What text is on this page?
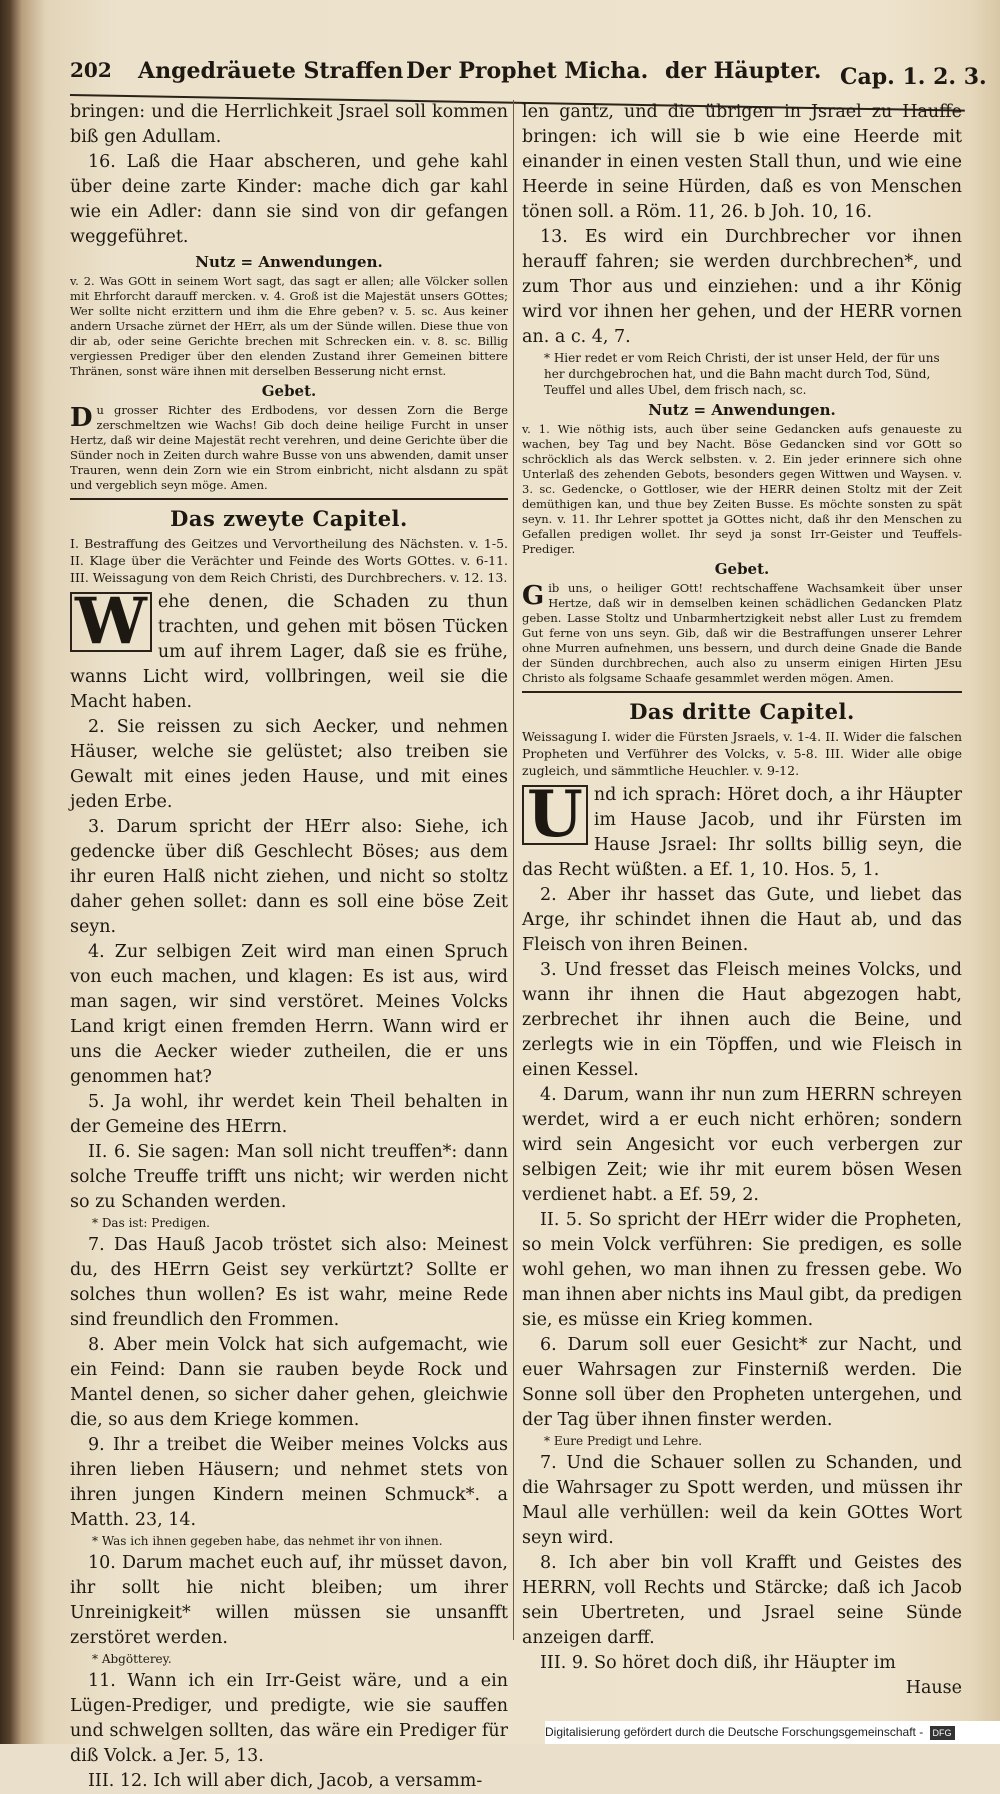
202 Angedräuete Straffen Der Prophet Micha. der Häupter. Cap. 1. 2. 3.

bringen: und die Herrlichkeit Jsrael soll kommen biß gen Adullam.

16. Laß die Haar abscheren, und gehe kahl über deine zarte Kinder: mache dich gar kahl wie ein Adler: dann sie sind von dir gefangen weggeführet.

Nutz = Anwendungen.

v. 2. Was GOtt in seinem Wort sagt, das sagt er allen; alle Völcker sollen mit Ehrforcht darauff mercken. v. 4. Groß ist die Majestät unsers GOttes; Wer sollte nicht erzittern und ihm die Ehre geben? v. 5. sc. Aus keiner andern Ursache zürnet der HErr, als um der Sünde willen. Diese thue von dir ab, oder seine Gerichte brechen mit Schrecken ein. v. 8. sc. Billig vergiessen Prediger über den elenden Zustand ihrer Gemeinen bittere Thränen, sonst wäre ihnen mit derselben Besserung nicht ernst.

Gebet.

D u grosser Richter des Erdbodens, vor dessen Zorn die Berge zerschmeltzen wie Wachs! Gib doch deine heilige Furcht in unser Hertz, daß wir deine Majestät recht verehren, und deine Gerichte über die Sünder noch in Zeiten durch wahre Busse von uns abwenden, damit unser Trauren, wenn dein Zorn wie ein Strom einbricht, nicht alsdann zu spät und vergeblich seyn möge. Amen.

Das zweyte Capitel.

I. Bestraffung des Geitzes und Vervortheilung des Nächsten. v. 1-5. II. Klage über die Verächter und Feinde des Worts GOttes. v. 6-11. III. Weissagung von dem Reich Christi, des Durchbrechers. v. 12. 13.

W ehe denen, die Schaden zu thun trachten, und gehen mit bösen Tücken um auf ihrem Lager, daß sie es frühe, wanns Licht wird, vollbringen, weil sie die Macht haben.

2. Sie reissen zu sich Aecker, und nehmen Häuser, welche sie gelüstet; also treiben sie Gewalt mit eines jeden Hause, und mit eines jeden Erbe.

3. Darum spricht der HErr also: Siehe, ich gedencke über diß Geschlecht Böses; aus dem ihr euren Halß nicht ziehen, und nicht so stoltz daher gehen sollet: dann es soll eine böse Zeit seyn.

4. Zur selbigen Zeit wird man einen Spruch von euch machen, und klagen: Es ist aus, wird man sagen, wir sind verstöret. Meines Volcks Land krigt einen fremden Herrn. Wann wird er uns die Aecker wieder zutheilen, die er uns genommen hat?

5. Ja wohl, ihr werdet kein Theil behalten in der Gemeine des HErrn.

II. 6. Sie sagen: Man soll nicht treuffen*: dann solche Treuffe trifft uns nicht; wir werden nicht so zu Schanden werden.

* Das ist: Predigen.

7. Das Hauß Jacob tröstet sich also: Meinest du, des HErrn Geist sey verkürtzt? Sollte er solches thun wollen? Es ist wahr, meine Rede sind freundlich den Frommen.

8. Aber mein Volck hat sich aufgemacht, wie ein Feind: Dann sie rauben beyde Rock und Mantel denen, so sicher daher gehen, gleichwie die, so aus dem Kriege kommen.

9. Ihr a treibet die Weiber meines Volcks aus ihren lieben Häusern; und nehmet stets von ihren jungen Kindern meinen Schmuck*. a Matth. 23, 14.

* Was ich ihnen gegeben habe, das nehmet ihr von ihnen.

10. Darum machet euch auf, ihr müsset davon, ihr sollt hie nicht bleiben; um ihrer Unreinigkeit* willen müssen sie unsanfft zerstöret werden.

* Abgötterey.

11. Wann ich ein Irr-Geist wäre, und a ein Lügen-Prediger, und predigte, wie sie sauffen und schwelgen sollten, das wäre ein Prediger für diß Volck. a Jer. 5, 13.

III. 12. Ich will aber dich, Jacob, a versamm-

len gantz, und die übrigen in Jsrael zu Hauffe bringen: ich will sie b wie eine Heerde mit einander in einen vesten Stall thun, und wie eine Heerde in seine Hürden, daß es von Menschen tönen soll. a Röm. 11, 26. b Joh. 10, 16.

13. Es wird ein Durchbrecher vor ihnen herauff fahren; sie werden durchbrechen*, und zum Thor aus und einziehen: und a ihr König wird vor ihnen her gehen, und der HERR vornen an. a c. 4, 7.

* Hier redet er vom Reich Christi, der ist unser Held, der für uns her durchgebrochen hat, und die Bahn macht durch Tod, Sünd, Teuffel und alles Ubel, dem frisch nach, sc.

Nutz = Anwendungen.

v. 1. Wie nöthig ists, auch über seine Gedancken aufs genaueste zu wachen, bey Tag und bey Nacht. Böse Gedancken sind vor GOtt so schröcklich als das Werck selbsten. v. 2. Ein jeder erinnere sich ohne Unterlaß des zehenden Gebots, besonders gegen Wittwen und Waysen. v. 3. sc. Gedencke, o Gottloser, wie der HERR deinen Stoltz mit der Zeit demüthigen kan, und thue bey Zeiten Busse. Es möchte sonsten zu spät seyn. v. 11. Ihr Lehrer spottet ja GOttes nicht, daß ihr den Menschen zu Gefallen predigen wollet. Ihr seyd ja sonst Irr-Geister und Teuffels-Prediger.

Gebet.

G ib uns, o heiliger GOtt! rechtschaffene Wachsamkeit über unser Hertze, daß wir in demselben keinen schädlichen Gedancken Platz geben. Lasse Stoltz und Unbarmhertzigkeit nebst aller Lust zu fremdem Gut ferne von uns seyn. Gib, daß wir die Bestraffungen unserer Lehrer ohne Murren aufnehmen, uns bessern, und durch deine Gnade die Bande der Sünden durchbrechen, auch also zu unserm einigen Hirten JEsu Christo als folgsame Schaafe gesammlet werden mögen. Amen.

Das dritte Capitel.

Weissagung I. wider die Fürsten Jsraels, v. 1-4. II. Wider die falschen Propheten und Verführer des Volcks, v. 5-8. III. Wider alle obige zugleich, und sämmtliche Heuchler. v. 9-12.

U nd ich sprach: Höret doch, a ihr Häupter im Hause Jacob, und ihr Fürsten im Hause Jsrael: Ihr sollts billig seyn, die das Recht wüßten. a Ef. 1, 10. Hos. 5, 1.

2. Aber ihr hasset das Gute, und liebet das Arge, ihr schindet ihnen die Haut ab, und das Fleisch von ihren Beinen.

3. Und fresset das Fleisch meines Volcks, und wann ihr ihnen die Haut abgezogen habt, zerbrechet ihr ihnen auch die Beine, und zerlegts wie in ein Töpffen, und wie Fleisch in einen Kessel.

4. Darum, wann ihr nun zum HERRN schreyen werdet, wird a er euch nicht erhören; sondern wird sein Angesicht vor euch verbergen zur selbigen Zeit; wie ihr mit eurem bösen Wesen verdienet habt. a Ef. 59, 2.

II. 5. So spricht der HErr wider die Propheten, so mein Volck verführen: Sie predigen, es solle wohl gehen, wo man ihnen zu fressen gebe. Wo man ihnen aber nichts ins Maul gibt, da predigen sie, es müsse ein Krieg kommen.

6. Darum soll euer Gesicht* zur Nacht, und euer Wahrsagen zur Finsterniß werden. Die Sonne soll über den Propheten untergehen, und der Tag über ihnen finster werden.

* Eure Predigt und Lehre.

7. Und die Schauer sollen zu Schanden, und die Wahrsager zu Spott werden, und müssen ihr Maul alle verhüllen: weil da kein GOttes Wort seyn wird.

8. Ich aber bin voll Krafft und Geistes des HERRN, voll Rechts und Stärcke; daß ich Jacob sein Ubertreten, und Jsrael seine Sünde anzeigen darff.

III. 9. So höret doch diß, ihr Häupter im

Hause

Digitalisierung gefördert durch die Deutsche Forschungsgemeinschaft - DFG
